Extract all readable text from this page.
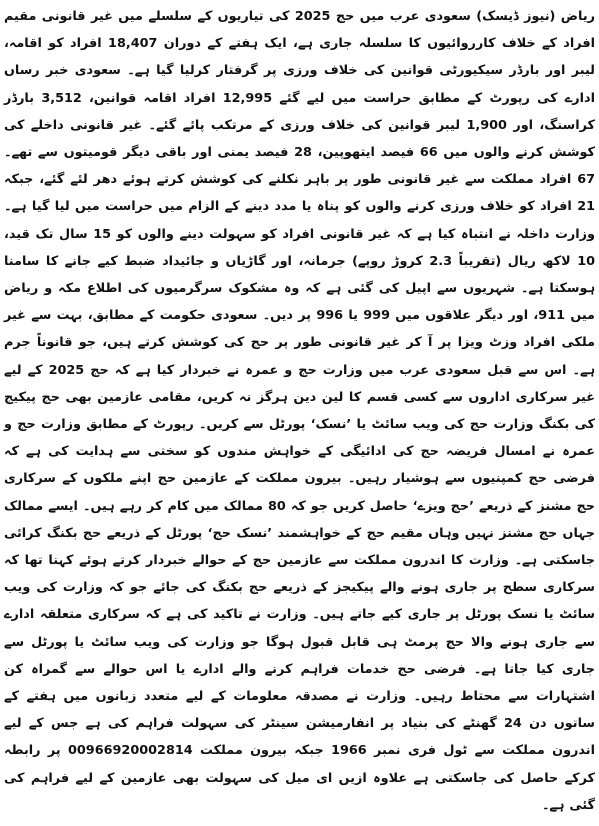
ریاض (نیوز ڈیسک) سعودی عرب میں حج 2025 کی تیاریوں کے سلسلے میں غیر قانونی مقیم افراد کے خلاف کارروائیوں کا سلسلہ جاری ہے، ایک ہفتے کے دوران 18,407 افراد کو اقامہ، لیبر اور بارڈر سیکیورٹی قوانین کی خلاف ورزی پر گرفتار کرلیا گیا ہے۔ سعودی خبر رساں ادارے کی رپورٹ کے مطابق حراست میں لیے گئے 12,995 افراد اقامہ قوانین، 3,512 بارڈر کراسنگ، اور 1,900 لیبر قوانین کی خلاف ورزی کے مرتکب پائے گئے۔ غیر قانونی داخلے کی کوشش کرنے والوں میں 66 فیصد ایتھوپین، 28 فیصد یمنی اور باقی دیگر قومیتوں سے تھے۔ 67 افراد مملکت سے غیر قانونی طور پر باہر نکلنے کی کوشش کرتے ہوئے دھر لئے گئے، جبکہ 21 افراد کو خلاف ورزی کرنے والوں کو پناہ یا مدد دینے کے الزام میں حراست میں لیا گیا ہے۔ وزارت داخلہ نے انتباہ کیا ہے کہ غیر قانونی افراد کو سہولت دینے والوں کو 15 سال تک قید، 10 لاکھ ریال (تقریباً 2.3 کروڑ روپے) جرمانہ، اور گاڑیاں و جائیداد ضبط کیے جانے کا سامنا ہوسکتا ہے۔ شہریوں سے اپیل کی گئی ہے کہ وہ مشکوک سرگرمیوں کی اطلاع مکہ و ریاض میں 911، اور دیگر علاقوں میں 999 یا 996 پر دیں۔ سعودی حکومت کے مطابق، بہت سے غیر ملکی افراد وزٹ ویزا پر آ کر غیر قانونی طور پر حج کی کوشش کرتے ہیں، جو قانوناً جرم ہے۔ اس سے قبل سعودی عرب میں وزارت حج و عمرہ نے خبردار کیا ہے کہ حج 2025 کے لیے غیر سرکاری اداروں سے کسی قسم کا لین دین ہرگز نہ کریں، مقامی عازمین بھی حج پیکیج کی بکنگ وزارت حج کی ویب سائٹ یا ’نسک‘ پورٹل سے کریں۔ رپورٹ کے مطابق وزارت حج و عمرہ نے امسال فریضہ حج کی ادائیگی کے خواہش مندوں کو سختی سے ہدایت کی ہے کہ فرضی حج کمپنیوں سے ہوشیار رہیں۔ بیرون مملکت کے عازمین حج اپنے ملکوں کے سرکاری حج مشنز کے ذریعے ’حج ویزے‘ حاصل کریں جو کہ 80 ممالک میں کام کر رہے ہیں۔ ایسے ممالک جہاں حج مشنز نہیں وہاں مقیم حج کے خواہشمند ’نسک حج‘ پورٹل کے ذریعے حج بکنگ کرائی جاسکتی ہے۔ وزارت کا اندرون مملکت سے عازمین حج کے حوالے خبردار کرتے ہوئے کہنا تھا کہ سرکاری سطح پر جاری ہونے والے پیکیجز کے ذریعے حج بکنگ کی جائے جو کہ وزارت کی ویب سائٹ یا نسک پورٹل پر جاری کیے جاتے ہیں۔ وزارت نے تاکید کی ہے کہ سرکاری متعلقہ ادارے سے جاری ہونے والا حج پرمٹ ہی قابل قبول ہوگا جو وزارت کی ویب سائٹ یا پورٹل سے جاری کیا جاتا ہے۔ فرضی حج خدمات فراہم کرنے والے ادارے یا اس حوالے سے گمراہ کن اشتہارات سے محتاط رہیں۔ وزارت نے مصدقہ معلومات کے لیے متعدد زبانوں میں ہفتے کے ساتوں دن 24 گھنٹے کی بنیاد پر انفارمیشن سینٹر کی سہولت فراہم کی ہے جس کے لیے اندرون مملکت سے ٹول فری نمبر 1966 جبکہ بیرون مملکت 00966920002814 پر رابطہ کرکے حاصل کی جاسکتی ہے علاوہ ازیں ای میل کی سہولت بھی عازمین کے لیے فراہم کی گئی ہے۔
